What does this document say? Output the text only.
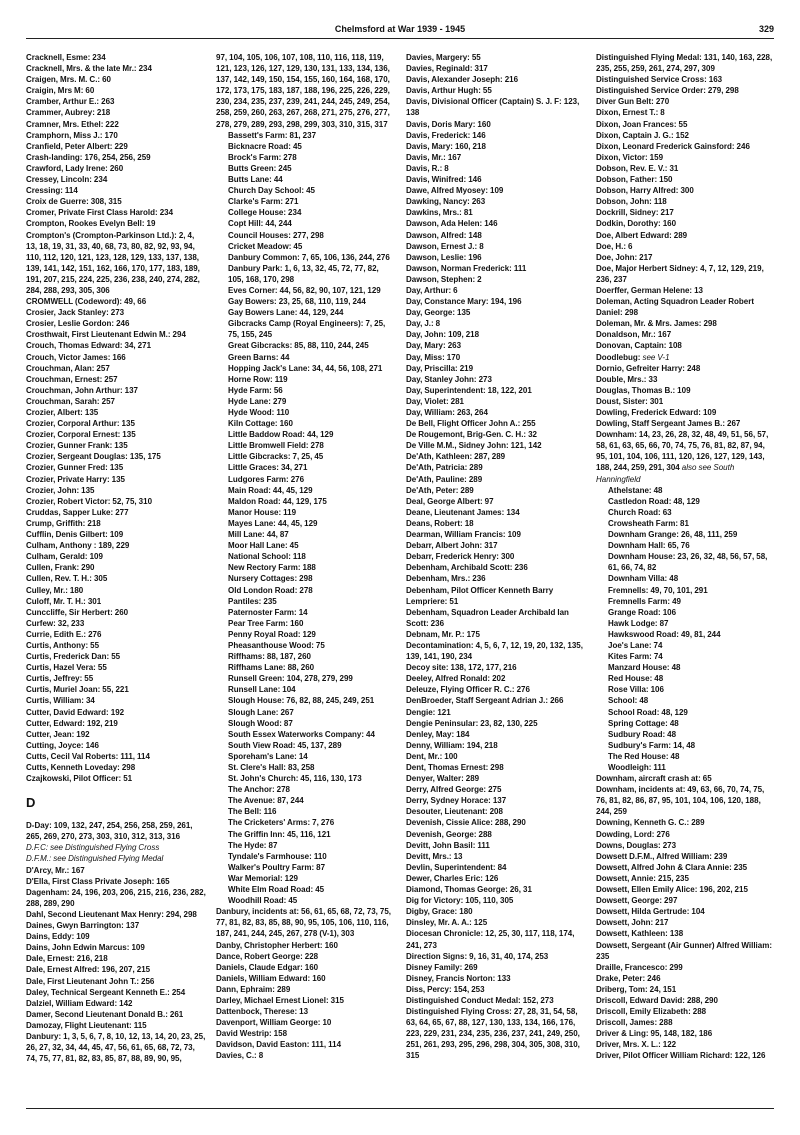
Chelmsford at War 1939 - 1945	329
Cracknell, Esme: 234
Cracknell, Mrs. & the late Mr.: 234
Craigen, Mrs. M. C.: 60
Craigin, Mrs M: 60
Cramber, Arthur E.: 263
Crammer, Aubrey: 218
Cramner, Mrs. Ethel: 222
Cramphorn, Miss J.: 170
Cranfield, Peter Albert: 229
Crash-landing: 176, 254, 256, 259
Crawford, Lady Irene: 260
Cressey, Lincoln: 234
Cressing: 114
Croix de Guerre: 308, 315
Cromer, Private First Class Harold: 234
Crompton, Rookes Evelyn Bell: 19
Crompton's (Crompton-Parkinson Ltd.): 2, 4, 13, 18, 19, 31, 33, 40, 68, 73, 80, 82, 92, 93, 94, 110, 112, 120, 121, 123, 128, 129, 133, 137, 138, 139, 141, 142, 151, 162, 166, 170, 177, 183, 189, 191, 207, 215, 224, 225, 236, 238, 240, 274, 282, 284, 288, 293, 305, 306
CROMWELL (Codeword): 49, 66
Crosier, Jack Stanley: 273
Crosier, Leslie Gordon: 246
Crosthwait, First Lieutenant Edwin M.: 294
Crouch, Thomas Edward: 34, 271
Crouch, Victor James: 166
Crouchman, Alan: 257
Crouchman, Ernest: 257
Crouchman, John Arthur: 137
Crouchman, Sarah: 257
Crozier, Albert: 135
Crozier, Corporal Arthur: 135
Crozier, Corporal Ernest: 135
Crozier, Gunner Frank: 135
Crozier, Sergeant Douglas: 135, 175
Crozier, Gunner Fred: 135
Crozier, Private Harry: 135
Crozier, John: 135
Crozier, Robert Victor: 52, 75, 310
Cruddas, Sapper Luke: 277
Crump, Griffith: 218
Cufflin, Denis Gilbert: 109
Culham, Anthony : 189, 229
Culham, Gerald: 109
Cullen, Frank: 290
Cullen, Rev. T. H.: 305
Culley, Mr.: 180
Culoff, Mr. T. H.: 301
Cunccliffe, Sir Herbert: 260
Curfew: 32, 233
Currie, Edith E.: 276
Curtis, Anthony: 55
Curtis, Frederick Dan: 55
Curtis, Hazel Vera: 55
Curtis, Jeffrey: 55
Curtis, Muriel Joan: 55, 221
Curtis, William: 34
Cutter, David Edward: 192
Cutter, Edward: 192, 219
Cutter, Jean: 192
Cutting, Joyce: 146
Cutts, Cecil Val Roberts: 111, 114
Cutts, Kenneth Loveday: 298
Czajkowski, Pilot Officer: 51
D
D-Day: 109, 132, 247, 254, 256, 258, 259, 261, 265, 269, 270, 273, 303, 310, 312, 313, 316
D.F.C: see Distinguished Flying Cross
D.F.M.: see Distinguished Flying Medal
D'Arcy, Mr.: 167
D'Ella, First Class Private Joseph: 165
Dagenham: 24, 196, 203, 206, 215, 216, 236, 282, 288, 289, 290
Dahl, Second Lieutenant Max Henry: 294, 298
Daines, Gwyn Barrington: 137
Dains, Eddy: 109
Dains, John Edwin Marcus: 109
Dale, Ernest: 216, 218
Dale, Ernest Alfred: 196, 207, 215
Dale, First Lieutenant John T.: 256
Daley, Technical Sergeant Kenneth E.: 254
Dalziel, William Edward: 142
Damer, Second Lieutenant Donald B.: 261
Damozay, Flight Lieutenant: 115
Danbury: 1, 3, 5, 6, 7, 8, 10, 12, 13, 14, 20, 23, 25, 26, 27, 32, 34, 44, 45, 47, 56, 61, 65, 68, 72, 73, 74, 75, 77, 81, 82, 83, 85, 87, 88, 89, 90, 95,
97, 104, 105, 106, 107, 108, 110, 116, 118, 119, 121, 123, 126, 127, 129, 130, 131, 133, 134, 136, 137, 142, 149, 150, 154, 155, 160, 164, 168, 170, 172, 173, 175, 183, 187, 188, 196, 225, 226, 229, 230, 234, 235, 237, 239, 241, 244, 245, 249, 254, 258, 259, 260, 263, 267, 268, 271, 275, 276, 277, 278, 279, 289, 293, 298, 299, 303, 310, 315, 317
Bassett's Farm: 81, 237
Bicknacre Road: 45
Brock's Farm: 278
Butts Green: 245
Butts Lane: 44
Church Day School: 45
Clarke's Farm: 271
College House: 234
Copt Hill: 44, 244
Council Houses: 277, 298
Cricket Meadow: 45
Danbury Common: 7, 65, 106, 136, 244, 276
Danbury Park: 1, 6, 13, 32, 45, 72, 77, 82, 105, 168, 170, 298
Eves Corner: 44, 56, 82, 90, 107, 121, 129
Gay Bowers: 23, 25, 68, 110, 119, 244
Gay Bowers Lane: 44, 129, 244
Gibcracks Camp (Royal Engineers): 7, 25, 75, 155, 245
Great Gibcracks: 85, 88, 110, 244, 245
Green Barns: 44
Hopping Jack's Lane: 34, 44, 56, 108, 271
Horne Row: 119
Hyde Farm: 56
Hyde Lane: 279
Hyde Wood: 110
Kiln Cottage: 160
Little Baddow Road: 44, 129
Little Bromwell Field: 278
Little Gibcracks: 7, 25, 45
Little Graces: 34, 271
Ludgores Farm: 276
Main Road: 44, 45, 129
Maldon Road: 44, 129, 175
Manor House: 119
Mayes Lane: 44, 45, 129
Mill Lane: 44, 87
Moor Hall Lane: 45
National School: 118
New Rectory Farm: 188
Nursery Cottages: 298
Old London Road: 278
Pantiles: 235
Paternoster Farm: 14
Pear Tree Farm: 160
Penny Royal Road: 129
Pheasanthouse Wood: 75
Riffhams: 88, 187, 260
Riffhams Lane: 88, 260
Runsell Green: 104, 278, 279, 299
Runsell Lane: 104
Slough House: 76, 82, 88, 245, 249, 251
Slough Lane: 267
Slough Wood: 87
South Essex Waterworks Company: 44
South View Road: 45, 137, 289
Sporeham's Lane: 14
St. Clere's Hall: 83, 258
St. John's Church: 45, 116, 130, 173
The Anchor: 278
The Avenue: 87, 244
The Bell: 116
The Cricketers' Arms: 7, 276
The Griffin Inn: 45, 116, 121
The Hyde: 87
Tyndale's Farmhouse: 110
Walker's Poultry Farm: 87
War Memorial: 129
White Elm Road Road: 45
Woodhill Road: 45
Danbury, incidents at: 56, 61, 65, 68, 72, 73, 75, 77, 81, 82, 83, 85, 88, 90, 95, 105, 106, 110, 116, 187, 241, 244, 245, 267, 278 (V-1), 303
Danby, Christopher Herbert: 160
Dance, Robert George: 228
Daniels, Claude Edgar: 160
Daniels, William Edward: 160
Dann, Ephraim: 289
Darley, Michael Ernest Lionel: 315
Dattenbock, Therese: 13
Davenport, William George: 10
David Westrip: 158
Davidson, David Easton: 111, 114
Davies, C.: 8
Davies, Margery: 55
Davies, Reginald: 317
Davis, Alexander Joseph: 216
Davis, Arthur Hugh: 55
Davis, Divisional Officer (Captain) S. J. F: 123, 138
Davis, Doris Mary: 160
Davis, Frederick: 146
Davis, Mary: 160, 218
Davis, Mr.: 167
Davis, R.: 8
Davis, Winifred: 146
Dawe, Alfred Myosey: 109
Dawking, Nancy: 263
Dawkins, Mrs.: 81
Dawson, Ada Helen: 146
Dawson, Alfred: 148
Dawson, Ernest J.: 8
Dawson, Leslie: 196
Dawson, Norman Frederick: 111
Dawson, Stephen: 2
Day, Arthur: 6
Day, Constance Mary: 194, 196
Day, George: 135
Day, J.: 8
Day, John: 109, 218
Day, Mary: 263
Day, Miss: 170
Day, Priscilla: 219
Day, Stanley John: 273
Day, Superintendent: 18, 122, 201
Day, Violet: 281
Day, William: 263, 264
De Bell, Flight Officer John A.: 255
De Rougemont, Brig-Gen. C. H.: 32
De Ville M.M., Sidney John: 121, 142
De'Ath, Kathleen: 287, 289
De'Ath, Patricia: 289
De'Ath, Pauline: 289
De'Ath, Peter: 289
Deal, George Albert: 97
Deane, Lieutenant James: 134
Deans, Robert: 18
Dearman, William Francis: 109
Debarr, Albert John: 317
Debarr, Frederick Henry: 300
Debenham, Archibald Scott: 236
Debenham, Mrs.: 236
Debenham, Pilot Officer Kenneth Barry Lempriere: 51
Debenham, Squadron Leader Archibald Ian Scott: 236
Debnam, Mr. P.: 175
Decontamination: 4, 5, 6, 7, 12, 19, 20, 132, 135, 139, 141, 190, 234
Decoy site: 138, 172, 177, 216
Deeley, Alfred Ronald: 202
Deleuze, Flying Officer R. C.: 276
DenBroeder, Staff Sergeant Adrian J.: 266
Dengie: 121
Dengie Peninsular: 23, 82, 130, 225
Denley, May: 184
Denny, William: 194, 218
Dent, Mr.: 100
Dent, Thomas Ernest: 298
Denyer, Walter: 289
Derry, Alfred George: 275
Derry, Sydney Horace: 137
Desouter, Lieutenant: 208
Devenish, Cissie Alice: 288, 290
Devenish, George: 288
Devitt, John Basil: 111
Devitt, Mrs.: 13
Devlin, Superintendent: 84
Dewer, Charles Eric: 126
Diamond, Thomas George: 26, 31
Dig for Victory: 105, 110, 305
Digby, Grace: 180
Dinsley, Mr. A. A.: 125
Diocesan Chronicle: 12, 25, 30, 117, 118, 174, 241, 273
Direction Signs: 9, 16, 31, 40, 174, 253
Disney Family: 269
Disney, Francis Norton: 133
Diss, Percy: 154, 253
Distinguished Conduct Medal: 152, 273
Distinguished Flying Cross: 27, 28, 31, 54, 58, 63, 64, 65, 67, 88, 127, 130, 133, 134, 166, 176, 223, 229, 231, 234, 235, 236, 237, 241, 249, 250, 251, 261, 293, 295, 296, 298, 304, 305, 308, 310, 315
Distinguished Flying Medal: 131, 140, 163, 228, 235, 255, 259, 261, 274, 297, 309
Distinguished Service Cross: 163
Distinguished Service Order: 279, 298
Diver Gun Belt: 270
Dixon, Ernest T.: 8
Dixon, Joan Frances: 55
Dixon, Captain J. G.: 152
Dixon, Leonard Frederick Gainsford: 246
Dixon, Victor: 159
Dobson, Rev. E. V.: 31
Dobson, Father: 150
Dobson, Harry Alfred: 300
Dobson, John: 118
Dockrill, Sidney: 217
Dodkin, Dorothy: 160
Doe, Albert Edward: 289
Doe, H.: 6
Doe, John: 217
Doe, Major Herbert Sidney: 4, 7, 12, 129, 219, 236, 237
Doerffer, German Helene: 13
Doleman, Acting Squadron Leader Robert Daniel: 298
Doleman, Mr. & Mrs. James: 298
Donaldson, Mr.: 167
Donovan, Captain: 108
Doodlebug: see V-1
Dornio, Gefreiter Harry: 248
Double, Mrs.: 33
Douglas, Thomas B.: 109
Doust, Sister: 301
Dowling, Frederick Edward: 109
Dowling, Staff Sergeant James B.: 267
Downham: 14, 23, 26, 28, 32, 48, 49, 51, 56, 57, 58, 61, 63, 65, 66, 70, 74, 75, 76, 81, 82, 87, 94, 95, 101, 104, 106, 111, 120, 126, 127, 129, 143, 188, 244, 259, 291, 304 also see South Hanningfield
Athelstane: 48
Castledon Road: 48, 129
Church Road: 63
Crowsheath Farm: 81
Downham Grange: 26, 48, 111, 259
Downham Hall: 65, 76
Downham House: 23, 26, 32, 48, 56, 57, 58, 61, 66, 74, 82
Downham Villa: 48
Fremnells: 49, 70, 101, 291
Fremnells Farm: 49
Grange Road: 106
Hawk Lodge: 87
Hawkswood Road: 49, 81, 244
Joe's Lane: 74
Kites Farm: 74
Manzard House: 48
Red House: 48
Rose Villa: 106
School: 48
School Road: 48, 129
Spring Cottage: 48
Sudbury Road: 48
Sudbury's Farm: 14, 48
The Red House: 48
Woodleigh: 111
Downham, aircraft crash at: 65
Downham, incidents at: 49, 63, 66, 70, 74, 75, 76, 81, 82, 86, 87, 95, 101, 104, 106, 120, 188, 244, 259
Downing, Kenneth G. C.: 289
Dowding, Lord: 276
Downs, Douglas: 273
Dowsett D.F.M., Alfred William: 239
Dowsett, Alfred John & Clara Annie: 235
Dowsett, Annie: 215, 235
Dowsett, Ellen Emily Alice: 196, 202, 215
Dowsett, George: 297
Dowsett, Hilda Gertrude: 104
Dowsett, John: 217
Dowsett, Kathleen: 138
Dowsett, Sergeant (Air Gunner) Alfred William: 235
Draille, Francesco: 299
Drake, Peter: 246
Driberg, Tom: 24, 151
Driscoll, Edward David: 288, 290
Driscoll, Emily Elizabeth: 288
Driscoll, James: 288
Driver & Ling: 95, 148, 182, 186
Driver, Mrs. X. L.: 122
Driver, Pilot Officer William Richard: 122, 126
